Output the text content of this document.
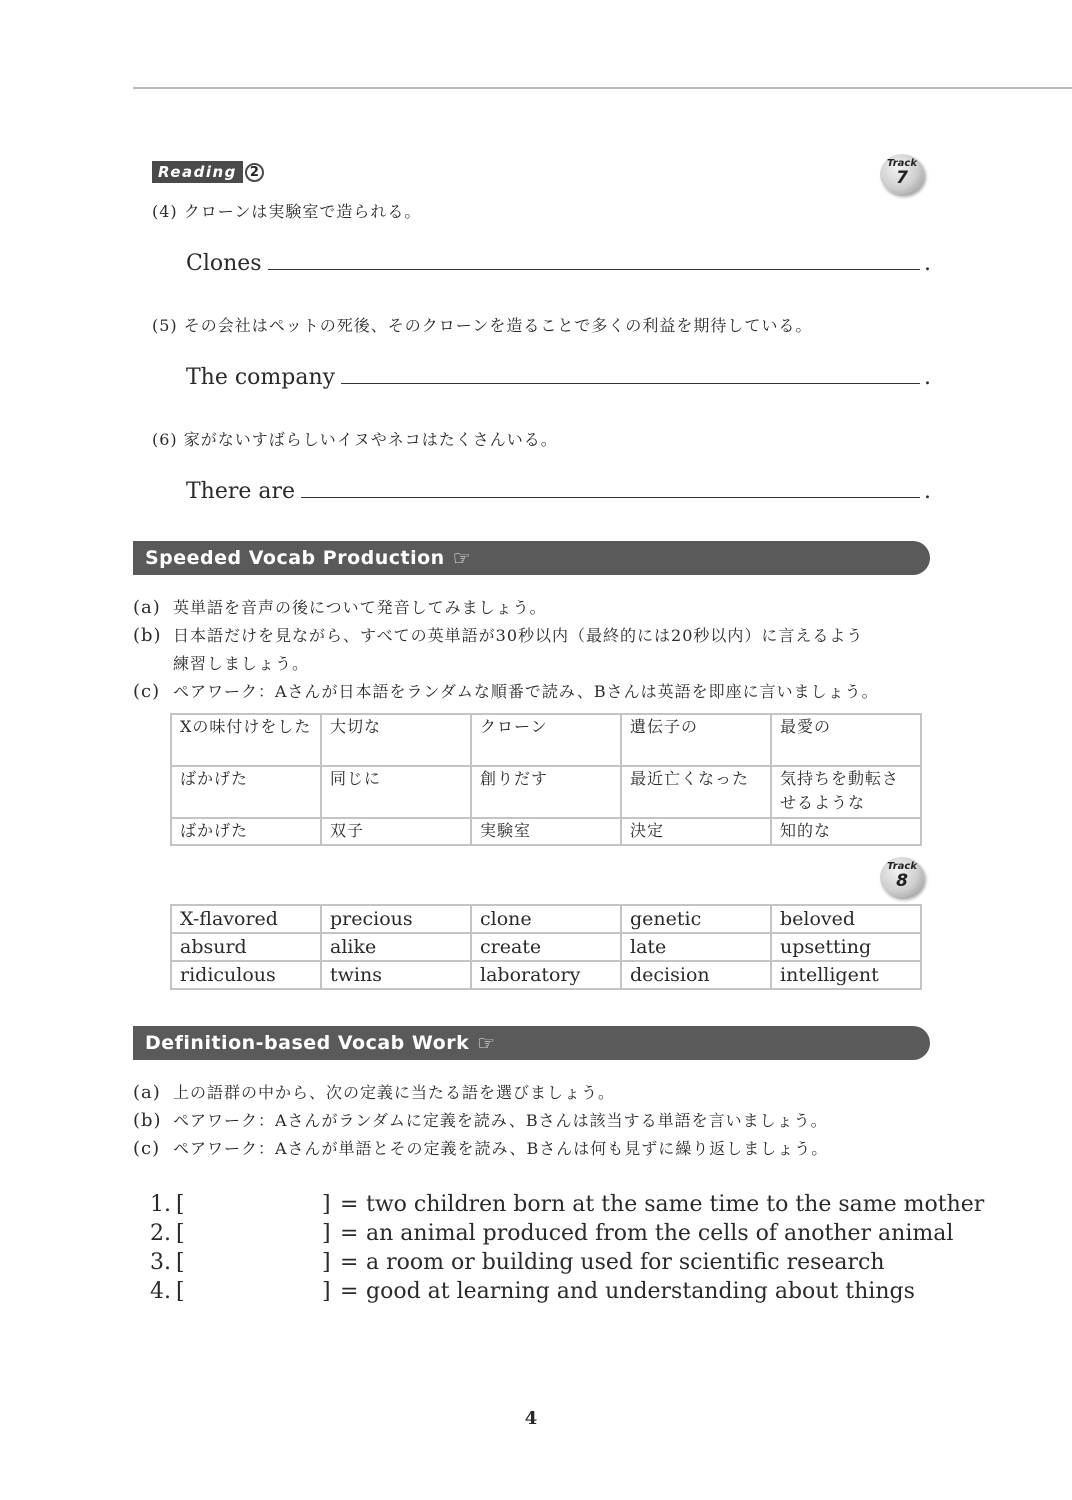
Reading 2
Track
7
(4) クローンは実験室で造られる。
Clones	.
(5) その会社はペットの死後、そのクローンを造ることで多くの利益を期待している。
The company	.
(6) 家がないすばらしいイヌやネコはたくさんいる。
There are	.
Speeded Vocab Production ☞
(a) 英単語を音声の後について発音してみましょう。
(b) 日本語だけを見ながら、すべての英単語が30秒以内（最終的には20秒以内）に言えるよう
練習しましょう。
(c) ペアワーク：Aさんが日本語をランダムな順番で読み、Bさんは英語を即座に言いましょう。
Xの味付けをした	大切な	クローン	遺伝子の	最愛の
ばかげた	同じに	創りだす	最近亡くなった	気持ちを動転させるような
ばかげた	双子	実験室	決定	知的な
Track
8
X-flavored	precious	clone	genetic	beloved
absurd	alike	create	late	upsetting
ridiculous	twins	laboratory	decision	intelligent
Definition-based Vocab Work ☞
(a) 上の語群の中から、次の定義に当たる語を選びましょう。
(b) ペアワーク：Aさんがランダムに定義を読み、Bさんは該当する単語を言いましょう。
(c) ペアワーク：Aさんが単語とその定義を読み、Bさんは何も見ずに繰り返しましょう。
1. [	] = two children born at the same time to the same mother
2. [	] = an animal produced from the cells of another animal
3. [	] = a room or building used for scientific research
4. [	] = good at learning and understanding about things
4
